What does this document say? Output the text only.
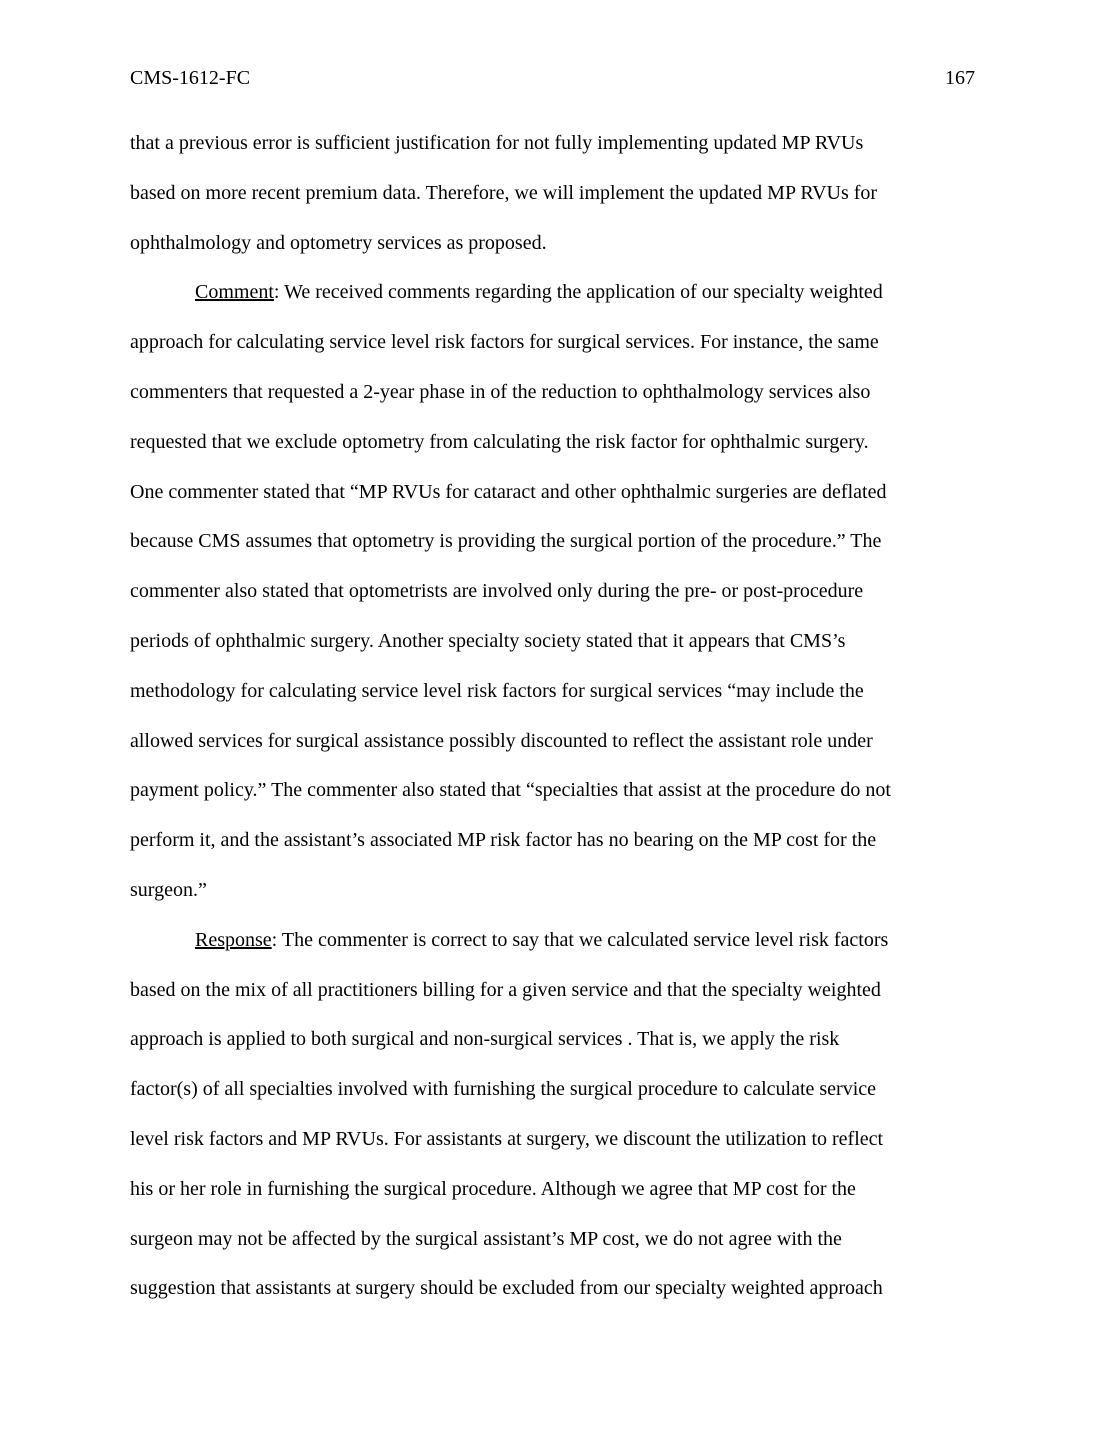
CMS-1612-FC	167
that a previous error is sufficient justification for not fully implementing updated MP RVUs
based on more recent premium data. Therefore, we will implement the updated MP RVUs for
ophthalmology and optometry services as proposed.
Comment: We received comments regarding the application of our specialty weighted
approach for calculating service level risk factors for surgical services. For instance, the same
commenters that requested a 2-year phase in of the reduction to ophthalmology services also
requested that we exclude optometry from calculating the risk factor for ophthalmic surgery.
One commenter stated that “MP RVUs for cataract and other ophthalmic surgeries are deflated
because CMS assumes that optometry is providing the surgical portion of the procedure.” The
commenter also stated that optometrists are involved only during the pre- or post-procedure
periods of ophthalmic surgery. Another specialty society stated that it appears that CMS’s
methodology for calculating service level risk factors for surgical services “may include the
allowed services for surgical assistance possibly discounted to reflect the assistant role under
payment policy.” The commenter also stated that “specialties that assist at the procedure do not
perform it, and the assistant’s associated MP risk factor has no bearing on the MP cost for the
surgeon.”
Response: The commenter is correct to say that we calculated service level risk factors
based on the mix of all practitioners billing for a given service and that the specialty weighted
approach is applied to both surgical and non-surgical services . That is, we apply the risk
factor(s) of all specialties involved with furnishing the surgical procedure to calculate service
level risk factors and MP RVUs. For assistants at surgery, we discount the utilization to reflect
his or her role in furnishing the surgical procedure. Although we agree that MP cost for the
surgeon may not be affected by the surgical assistant’s MP cost, we do not agree with the
suggestion that assistants at surgery should be excluded from our specialty weighted approach
